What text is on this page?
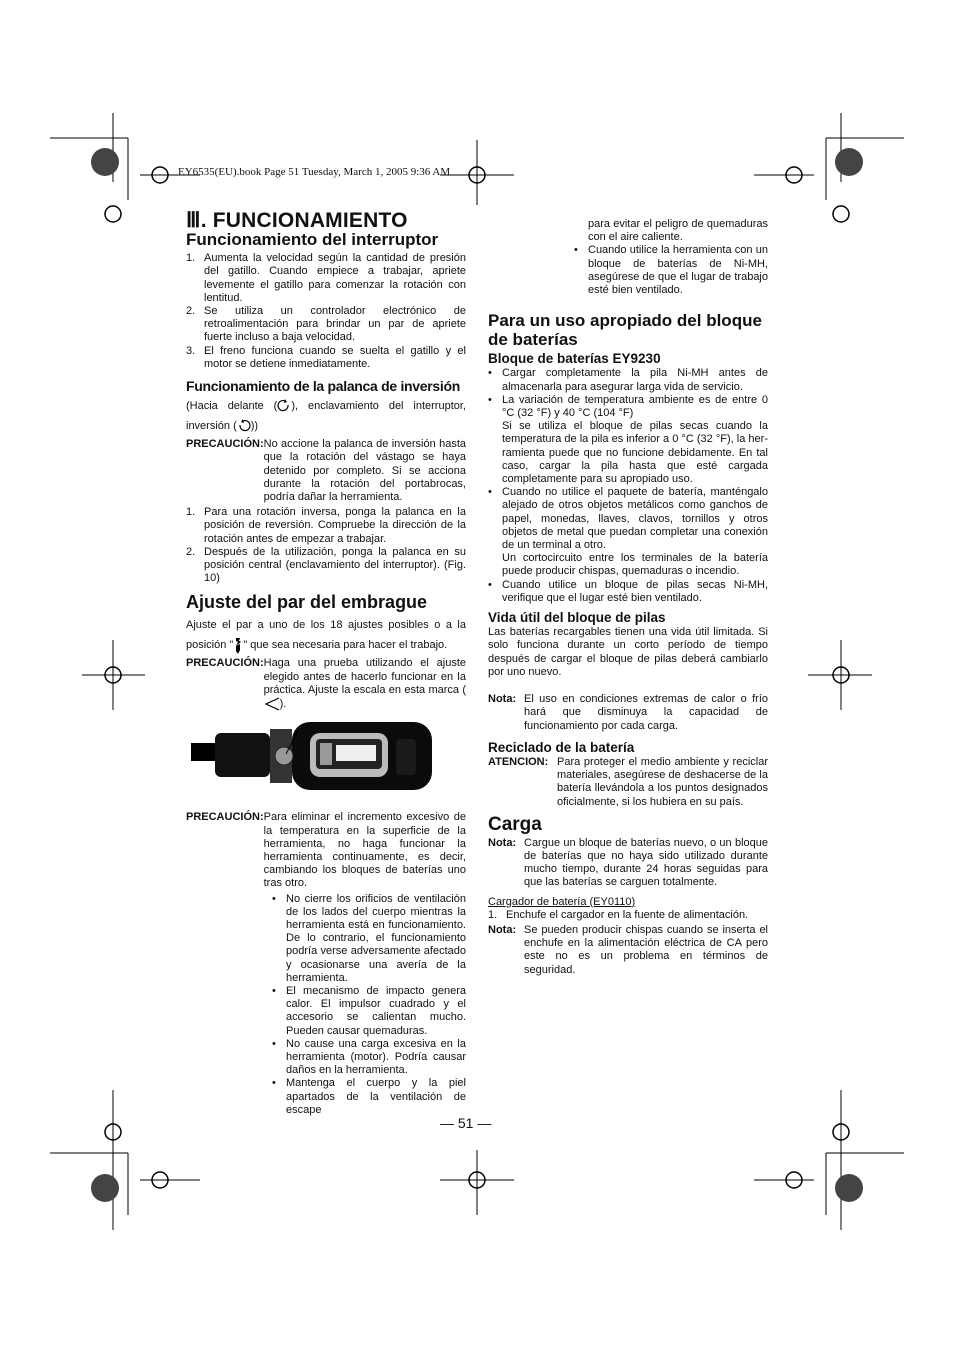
EY6535(EU).book Page 51 Tuesday, March 1, 2005 9:36 AM
Ⅲ. FUNCIONAMIENTO
Funcionamiento del interruptor
1. Aumenta la velocidad según la cantidad de presión del gatillo. Cuando empiece a trabajar, apriete levemente el gatillo para comenzar la rotación con lentitud.
2. Se utiliza un controlador electrónico de retroalimentación para brindar un par de apriete fuerte incluso a baja velocidad.
3. El freno funciona cuando se suelta el gatillo y el motor se detiene inmediatamente.
Funcionamiento de la palanca de inversión

(Hacia delante ( ), enclavamiento del interruptor, inversión ( ))

PRECAUCIÓN: No accione la palanca de inversión hasta que la rotación del vástago se haya detenido por completo. Si se acciona durante la rotación del portabrocas, podría dañar la herramienta.
1. Para una rotación inversa, ponga la palanca en la posición de reversión. Compruebe la dirección de la rotación antes de empezar a trabajar.
2. Después de la utilización, ponga la palanca en su posición central (enclavamiento del interruptor). (Fig. 10)
Ajuste del par del embrague

Ajuste el par a uno de los 18 ajustes posibles o a la posición " " que sea necesaria para hacer el trabajo.

PRECAUCIÓN: Haga una prueba utilizando el ajuste elegido antes de hacerlo funcionar en la práctica. Ajuste la escala en esta marca ().
PRECAUCIÓN: Para eliminar el incremento excesivo de la temperatura en la superficie de la herramienta, no haga funcionar la herramienta continuamente, es decir, cambiando los bloques de baterías uno tras otro.
• No cierre los orificios de ventilación de los lados del cuerpo mientras la herramienta está en funcionamiento. De lo contrario, el funcionamiento podría verse adversamente afectado y ocasionarse una avería de la herramienta.
• El mecanismo de impacto genera calor. El impulsor cuadrado y el accesorio se calientan mucho. Pueden causar quemaduras.
• No cause una carga excesiva en la herramienta (motor). Podría causar daños en la herramienta.
• Mantenga el cuerpo y la piel apartados de la ventilación de escape
para evitar el peligro de quemaduras con el aire caliente.
• Cuando utilice la herramienta con un bloque de baterías de Ni-MH, asegúrese de que el lugar de trabajo esté bien ventilado.
Para un uso apropiado del bloque de baterías
Bloque de baterías EY9230
• Cargar completamente la pila Ni-MH antes de almacenarla para asegurar larga vida de servicio.
• La variación de temperatura ambiente es de entre 0 °C (32 °F) y 40 °C (104 °F)
Si se utiliza el bloque de pilas secas cuando la temperatura de la pila es inferior a 0 °C (32 °F), la her-ramienta puede que no funcione debidamente. En tal caso, cargar la pila hasta que esté cargada completamente para su apropiado uso.
• Cuando no utilice el paquete de batería, manténgalo alejado de otros objetos metálicos como ganchos de papel, monedas, llaves, clavos, tornillos y otros objetos de metal que puedan completar una conexión de un terminal a otro.
Un cortocircuito entre los terminales de la batería puede producir chispas, quemaduras o incendio.
• Cuando utilice un bloque de pilas secas Ni-MH, verifique que el lugar esté bien ventilado.
Vida útil del bloque de pilas

Las baterías recargables tienen una vida útil limitada. Si solo funciona durante un corto período de tiempo después de cargar el bloque de pilas deberá cambiarlo por uno nuevo.

Nota: El uso en condiciones extremas de calor o frío hará que disminuya la capacidad de funcionamiento por cada carga.
Reciclado de la batería
ATENCION: Para proteger el medio ambiente y reciclar materiales, asegúrese de deshacerse de la batería llevándola a los puntos designados oficialmente, si los hubiera en su país.
Carga
Nota: Cargue un bloque de baterías nuevo, o un bloque de baterías que no haya sido utilizado durante mucho tiempo, durante 24 horas seguidas para que las baterías se carguen totalmente.

Cargador de batería (EY0110)

1. Enchufe el cargador en la fuente de alimentación.
Nota: Se pueden producir chispas cuando se inserta el enchufe en la alimentación eléctrica de CA pero este no es un problema en términos de seguridad.
— 51 —
